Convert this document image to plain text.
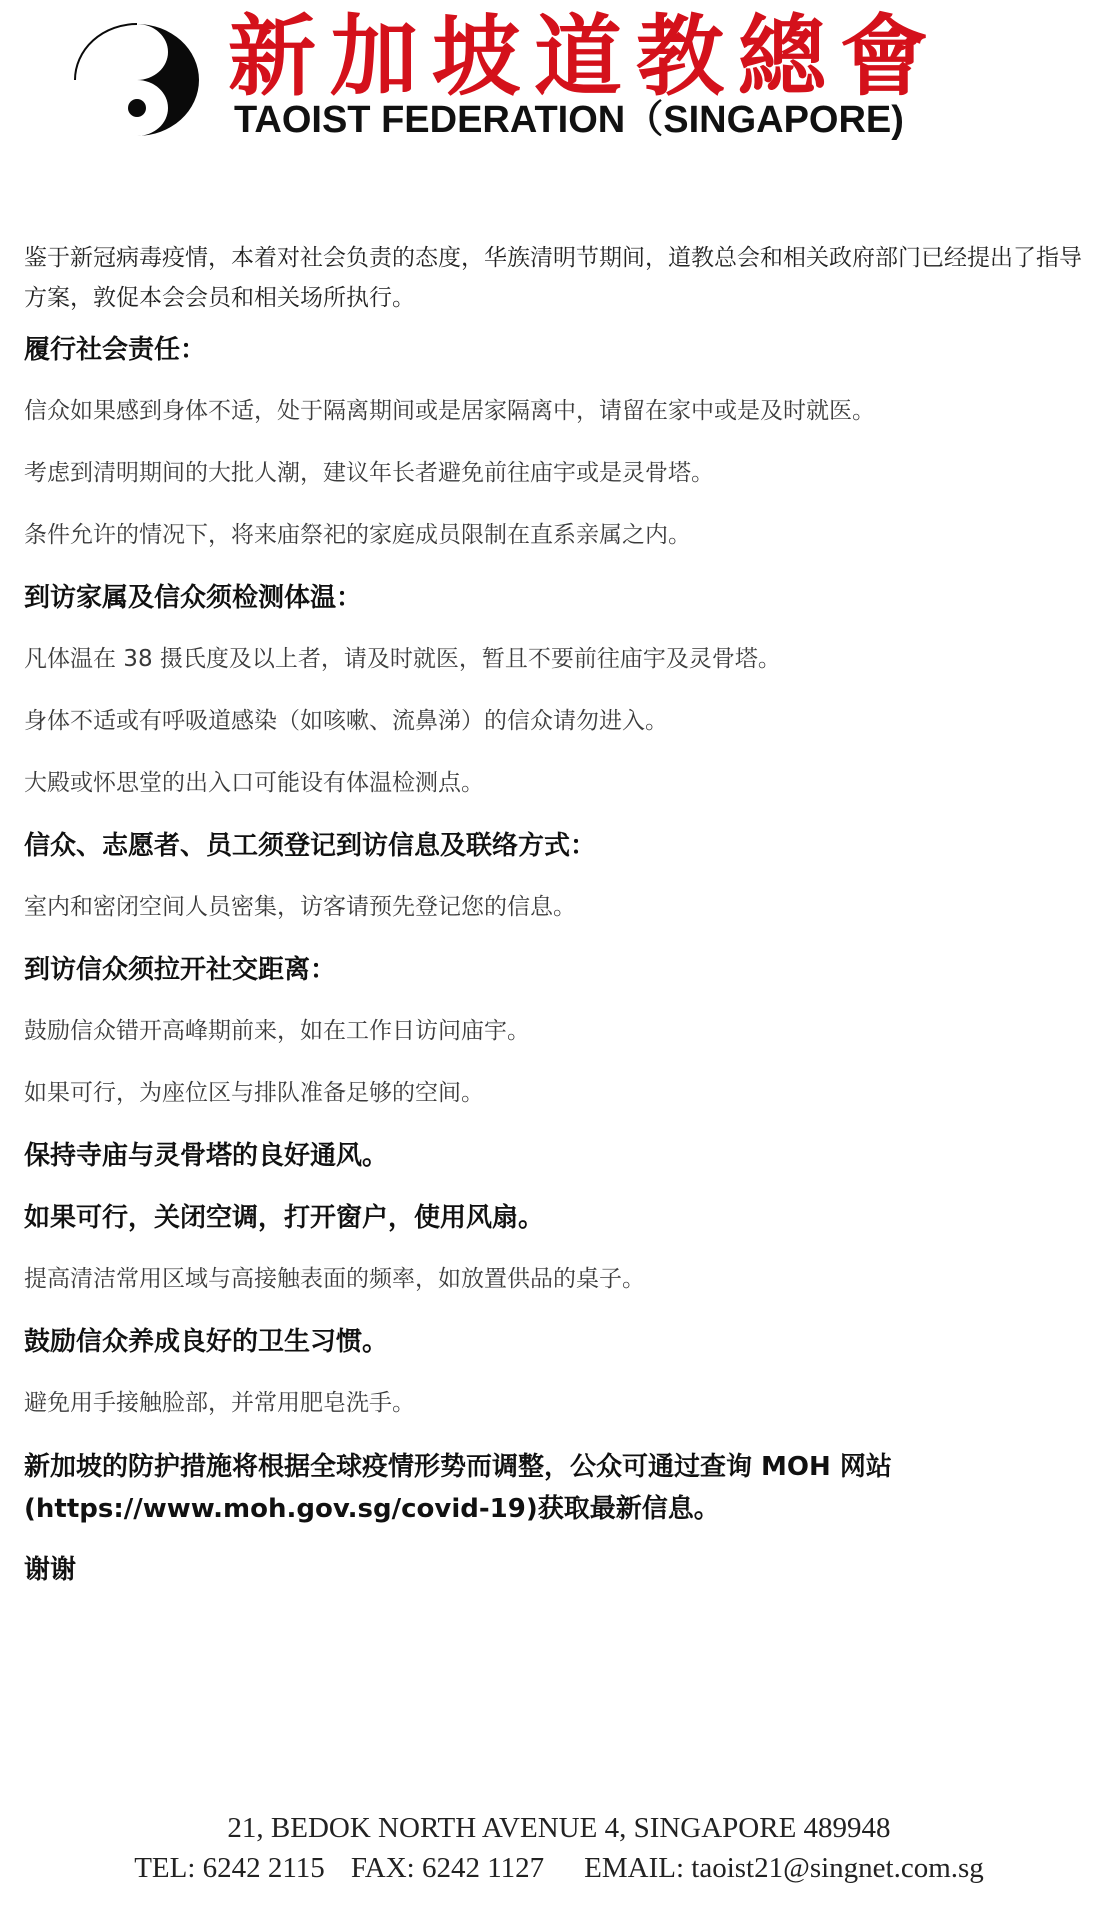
新加坡道教總會
TAOIST FEDERATION（SINGAPORE)

鉴于新冠病毒疫情，本着对社会负责的态度，华族清明节期间，道教总会和相关政府部门已经提出了指导方案，敦促本会会员和相关场所执行。

履行社会责任：

信众如果感到身体不适，处于隔离期间或是居家隔离中，请留在家中或是及时就医。

考虑到清明期间的大批人潮，建议年长者避免前往庙宇或是灵骨塔。

条件允许的情况下，将来庙祭祀的家庭成员限制在直系亲属之内。

到访家属及信众须检测体温：

凡体温在 38 摄氏度及以上者，请及时就医，暂且不要前往庙宇及灵骨塔。

身体不适或有呼吸道感染（如咳嗽、流鼻涕）的信众请勿进入。

大殿或怀思堂的出入口可能设有体温检测点。

信众、志愿者、员工须登记到访信息及联络方式：

室内和密闭空间人员密集，访客请预先登记您的信息。

到访信众须拉开社交距离：

鼓励信众错开高峰期前来，如在工作日访问庙宇。

如果可行，为座位区与排队准备足够的空间。

保持寺庙与灵骨塔的良好通风。

如果可行，关闭空调，打开窗户，使用风扇。

提高清洁常用区域与高接触表面的频率，如放置供品的桌子。

鼓励信众养成良好的卫生习惯。

避免用手接触脸部，并常用肥皂洗手。

新加坡的防护措施将根据全球疫情形势而调整，公众可通过查询 MOH 网站(https://www.moh.gov.sg/covid-19)获取最新信息。

谢谢

21, BEDOK NORTH AVENUE 4, SINGAPORE 489948
TEL: 6242 2115 FAX: 6242 1127 EMAIL: taoist21@singnet.com.sg
